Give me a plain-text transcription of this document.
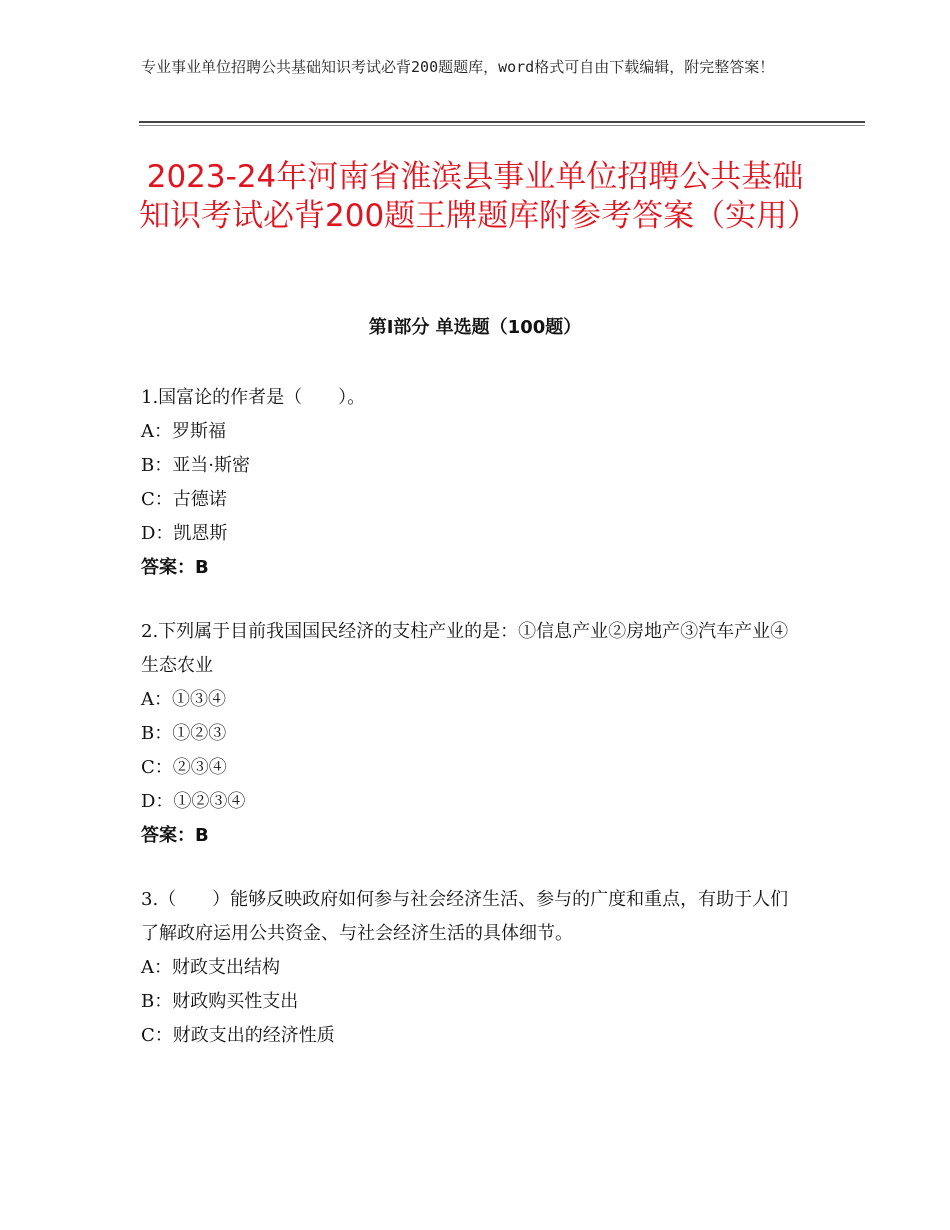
专业事业单位招聘公共基础知识考试必背200题题库，word格式可自由下载编辑，附完整答案！
2023-24年河南省淮滨县事业单位招聘公共基础知识考试必背200题王牌题库附参考答案（实用）
第Ⅰ部分 单选题（100题）

1.国富论的作者是（　　）。

A：罗斯福

B：亚当·斯密

C：古德诺

D：凯恩斯

答案：B

2.下列属于目前我国国民经济的支柱产业的是：①信息产业②房地产③汽车产业④生态农业

A：①③④

B：①②③

C：②③④

D：①②③④

答案：B

3.（　　）能够反映政府如何参与社会经济生活、参与的广度和重点，有助于人们了解政府运用公共资金、与社会经济生活的具体细节。

A：财政支出结构

B：财政购买性支出

C：财政支出的经济性质
